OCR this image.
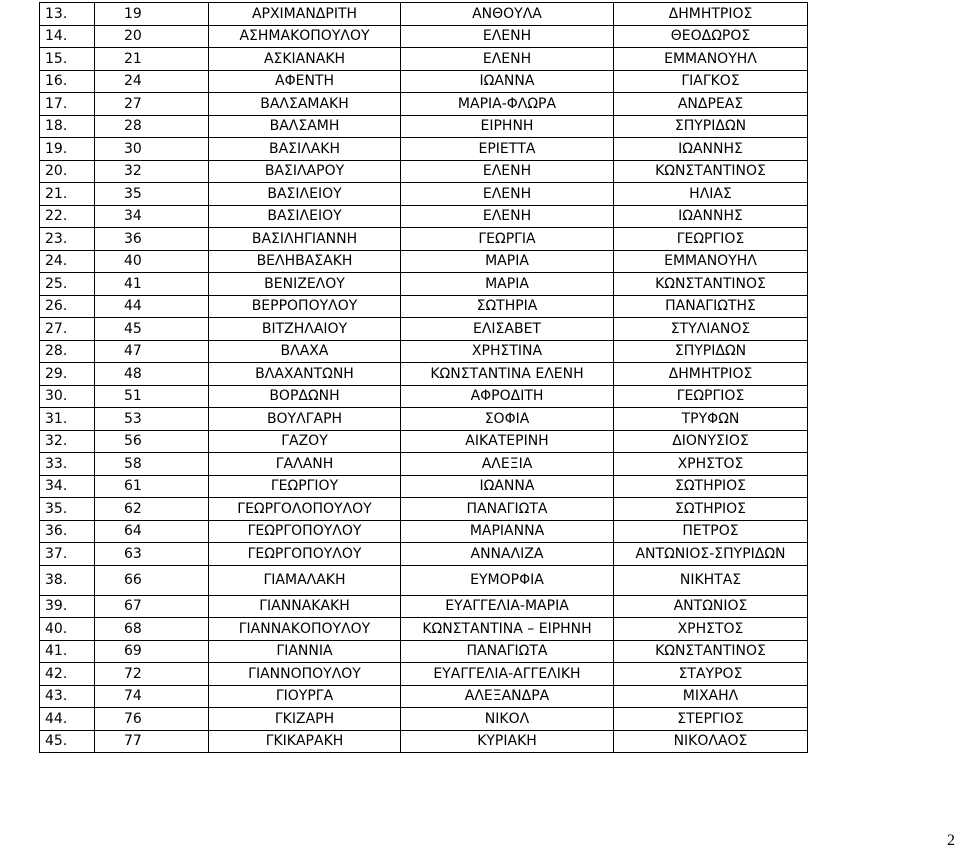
13.	19	ΑΡΧΙΜΑΝΔΡΙΤΗ	ΑΝΘΟΥΛΑ	ΔΗΜΗΤΡΙΟΣ
14.	20	ΑΣΗΜΑΚΟΠΟΥΛΟΥ	ΕΛΕΝΗ	ΘΕΟΔΩΡΟΣ
15.	21	ΑΣΚΙΑΝΑΚΗ	ΕΛΕΝΗ	ΕΜΜΑΝΟΥΗΛ
16.	24	ΑΦΕΝΤΗ	ΙΩΑΝΝΑ	ΓΙΑΓΚΟΣ
17.	27	ΒΑΛΣΑΜΑΚΗ	ΜΑΡΙΑ-ΦΛΩΡΑ	ΑΝΔΡΕΑΣ
18.	28	ΒΑΛΣΑΜΗ	ΕΙΡΗΝΗ	ΣΠΥΡΙΔΩΝ
19.	30	ΒΑΣΙΛΑΚΗ	ΕΡΙΕΤΤΑ	ΙΩΑΝΝΗΣ
20.	32	ΒΑΣΙΛΑΡΟΥ	ΕΛΕΝΗ	ΚΩΝΣΤΑΝΤΙΝΟΣ
21.	35	ΒΑΣΙΛΕΙΟΥ	ΕΛΕΝΗ	ΗΛΙΑΣ
22.	34	ΒΑΣΙΛΕΙΟΥ	ΕΛΕΝΗ	ΙΩΑΝΝΗΣ
23.	36	ΒΑΣΙΛΗΓΙΑΝΝΗ	ΓΕΩΡΓΙΑ	ΓΕΩΡΓΙΟΣ
24.	40	ΒΕΛΗΒΑΣΑΚΗ	ΜΑΡΙΑ	ΕΜΜΑΝΟΥΗΛ
25.	41	ΒΕΝΙΖΕΛΟΥ	ΜΑΡΙΑ	ΚΩΝΣΤΑΝΤΙΝΟΣ
26.	44	ΒΕΡΡΟΠΟΥΛΟΥ	ΣΩΤΗΡΙΑ	ΠΑΝΑΓΙΩΤΗΣ
27.	45	ΒΙΤΖΗΛΑΙΟΥ	ΕΛΙΣΑΒΕΤ	ΣΤΥΛΙΑΝΟΣ
28.	47	ΒΛΑΧΑ	ΧΡΗΣΤΙΝΑ	ΣΠΥΡΙΔΩΝ
29.	48	ΒΛΑΧΑΝΤΩΝΗ	ΚΩΝΣΤΑΝΤΙΝΑ ΕΛΕΝΗ	ΔΗΜΗΤΡΙΟΣ
30.	51	ΒΟΡΔΩΝΗ	ΑΦΡΟΔΙΤΗ	ΓΕΩΡΓΙΟΣ
31.	53	ΒΟΥΛΓΑΡΗ	ΣΟΦΙΑ	ΤΡΥΦΩΝ
32.	56	ΓΑΖΟΥ	ΑΙΚΑΤΕΡΙΝΗ	ΔΙΟΝΥΣΙΟΣ
33.	58	ΓΑΛΑΝΗ	ΑΛΕΞΙΑ	ΧΡΗΣΤΟΣ
34.	61	ΓΕΩΡΓΙΟΥ	ΙΩΑΝΝΑ	ΣΩΤΗΡΙΟΣ
35.	62	ΓΕΩΡΓΟΛΟΠΟΥΛΟΥ	ΠΑΝΑΓΙΩΤΑ	ΣΩΤΗΡΙΟΣ
36.	64	ΓΕΩΡΓΟΠΟΥΛΟΥ	ΜΑΡΙΑΝΝΑ	ΠΕΤΡΟΣ
37.	63	ΓΕΩΡΓΟΠΟΥΛΟΥ	ΑΝΝΑΛΙΖΑ	ΑΝΤΩΝΙΟΣ-ΣΠΥΡΙΔΩΝ
38.	66	ΓΙΑΜΑΛΑΚΗ	ΕΥΜΟΡΦΙΑ	ΝΙΚΗΤΑΣ
39.	67	ΓΙΑΝΝΑΚΑΚΗ	ΕΥΑΓΓΕΛΙΑ-ΜΑΡΙΑ	ΑΝΤΩΝΙΟΣ
40.	68	ΓΙΑΝΝΑΚΟΠΟΥΛΟΥ	ΚΩΝΣΤΑΝΤΙΝΑ – ΕΙΡΗΝΗ	ΧΡΗΣΤΟΣ
41.	69	ΓΙΑΝΝΙΑ	ΠΑΝΑΓΙΩΤΑ	ΚΩΝΣΤΑΝΤΙΝΟΣ
42.	72	ΓΙΑΝΝΟΠΟΥΛΟΥ	ΕΥΑΓΓΕΛΙΑ-ΑΓΓΕΛΙΚΗ	ΣΤΑΥΡΟΣ
43.	74	ΓΙΟΥΡΓΑ	ΑΛΕΞΑΝΔΡΑ	ΜΙΧΑΗΛ
44.	76	ΓΚΙΖΑΡΗ	ΝΙΚΟΛ	ΣΤΕΡΓΙΟΣ
45.	77	ΓΚΙΚΑΡΑΚΗ	ΚΥΡΙΑΚΗ	ΝΙΚΟΛΑΟΣ
2
